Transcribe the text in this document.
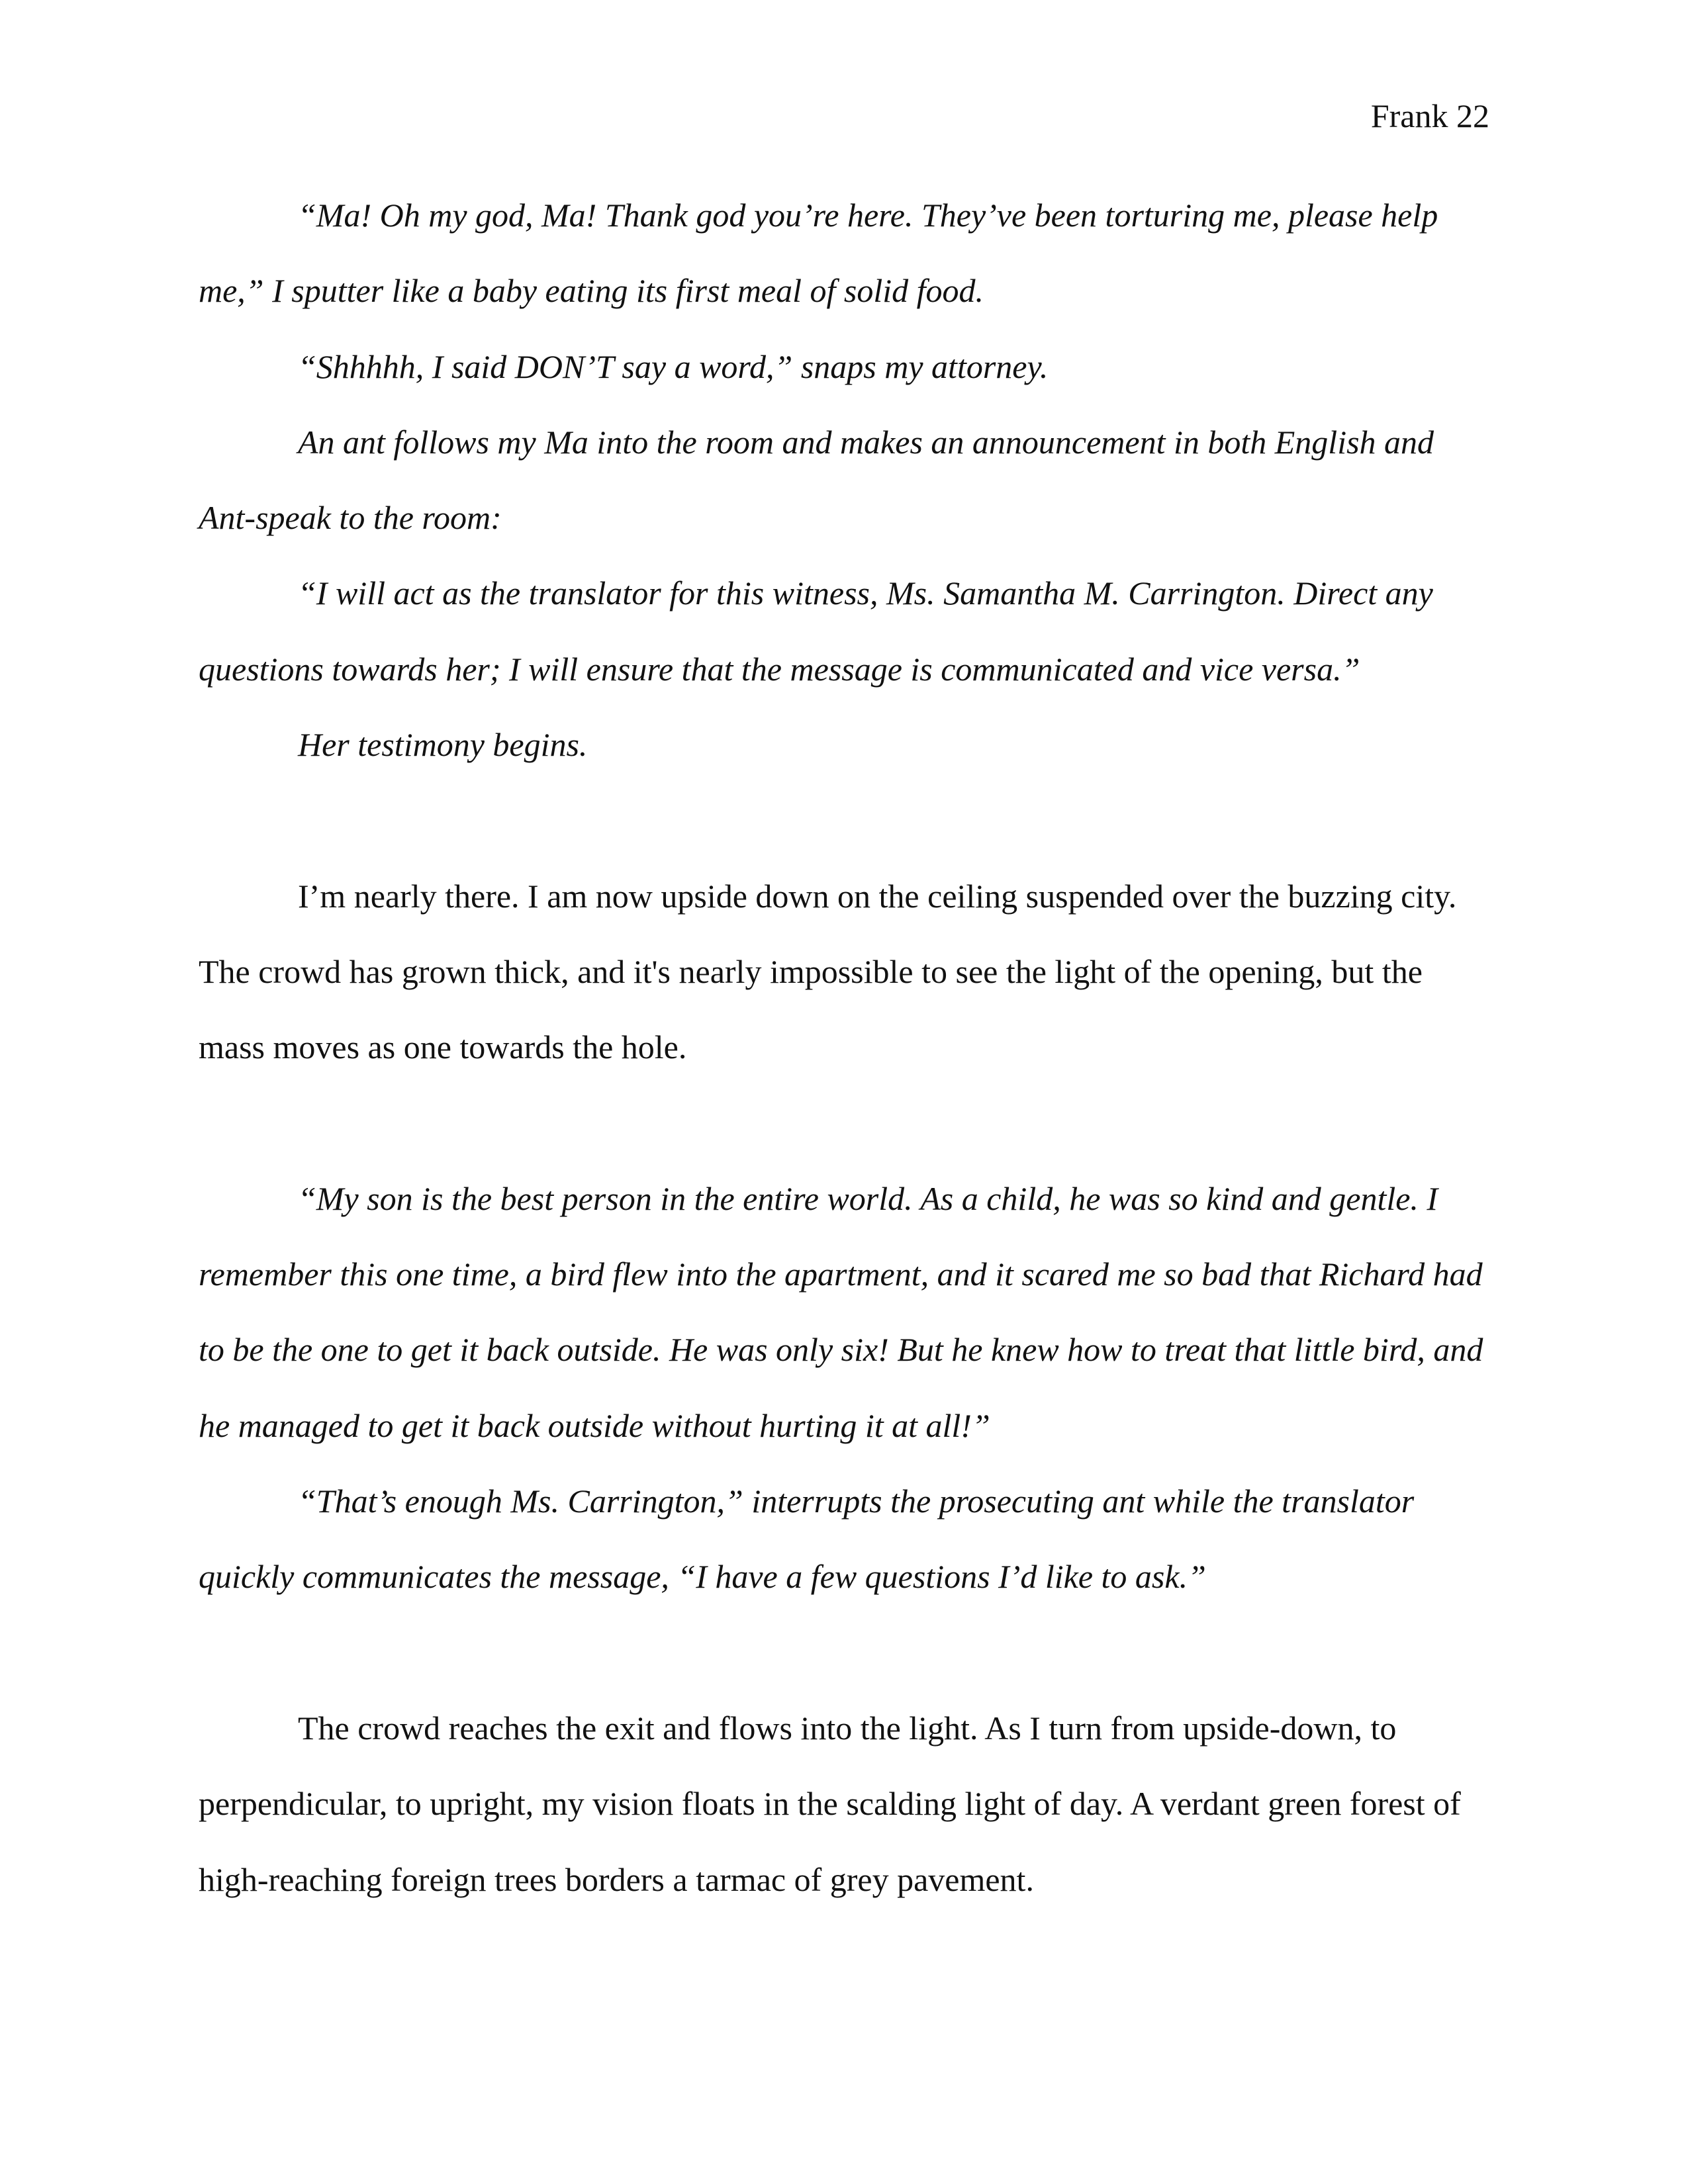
Frank 22

“Ma! Oh my god, Ma! Thank god you’re here. They’ve been torturing me, please help me,” I sputter like a baby eating its first meal of solid food.

“Shhhhh, I said DON’T say a word,” snaps my attorney.

An ant follows my Ma into the room and makes an announcement in both English and Ant-speak to the room:

“I will act as the translator for this witness, Ms. Samantha M. Carrington. Direct any questions towards her; I will ensure that the message is communicated and vice versa.”

Her testimony begins.

I’m nearly there. I am now upside down on the ceiling suspended over the buzzing city. The crowd has grown thick, and it's nearly impossible to see the light of the opening, but the mass moves as one towards the hole.

“My son is the best person in the entire world. As a child, he was so kind and gentle. I remember this one time, a bird flew into the apartment, and it scared me so bad that Richard had to be the one to get it back outside. He was only six! But he knew how to treat that little bird, and he managed to get it back outside without hurting it at all!”

“That’s enough Ms. Carrington,” interrupts the prosecuting ant while the translator quickly communicates the message, “I have a few questions I’d like to ask.”

The crowd reaches the exit and flows into the light. As I turn from upside-down, to perpendicular, to upright, my vision floats in the scalding light of day. A verdant green forest of high-reaching foreign trees borders a tarmac of grey pavement.
